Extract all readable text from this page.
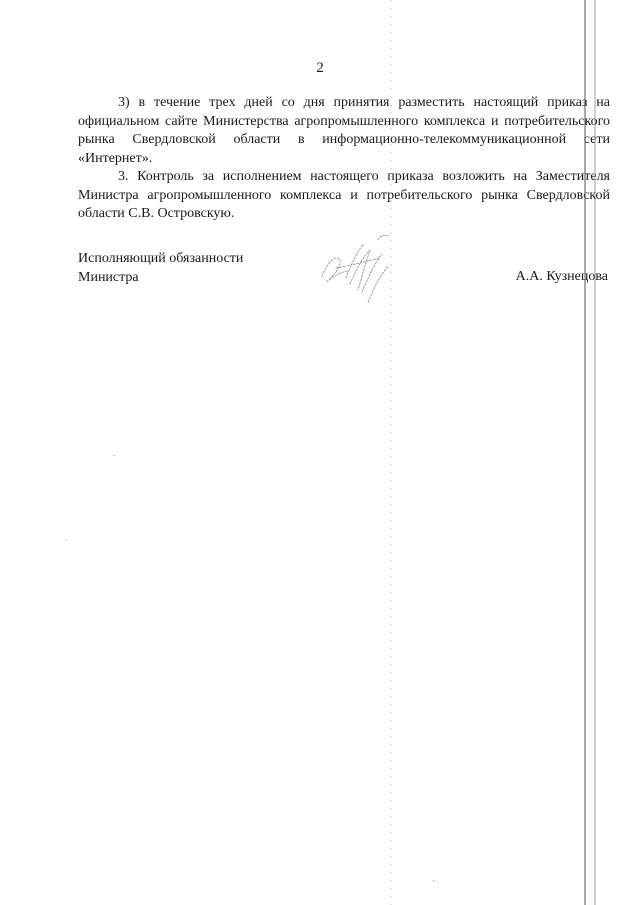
2

3) в течение трех дней со дня принятия разместить настоящий приказ на официальном сайте Министерства агропромышленного комплекса и потребительского рынка Свердловской области в информационно-телекоммуникационной сети «Интернет».

3. Контроль за исполнением настоящего приказа возложить на Заместителя Министра агропромышленного комплекса и потребительского рынка Свердловской области С.В. Островскую.

Исполняющий обязанности
Министра	А.А. Кузнецова
